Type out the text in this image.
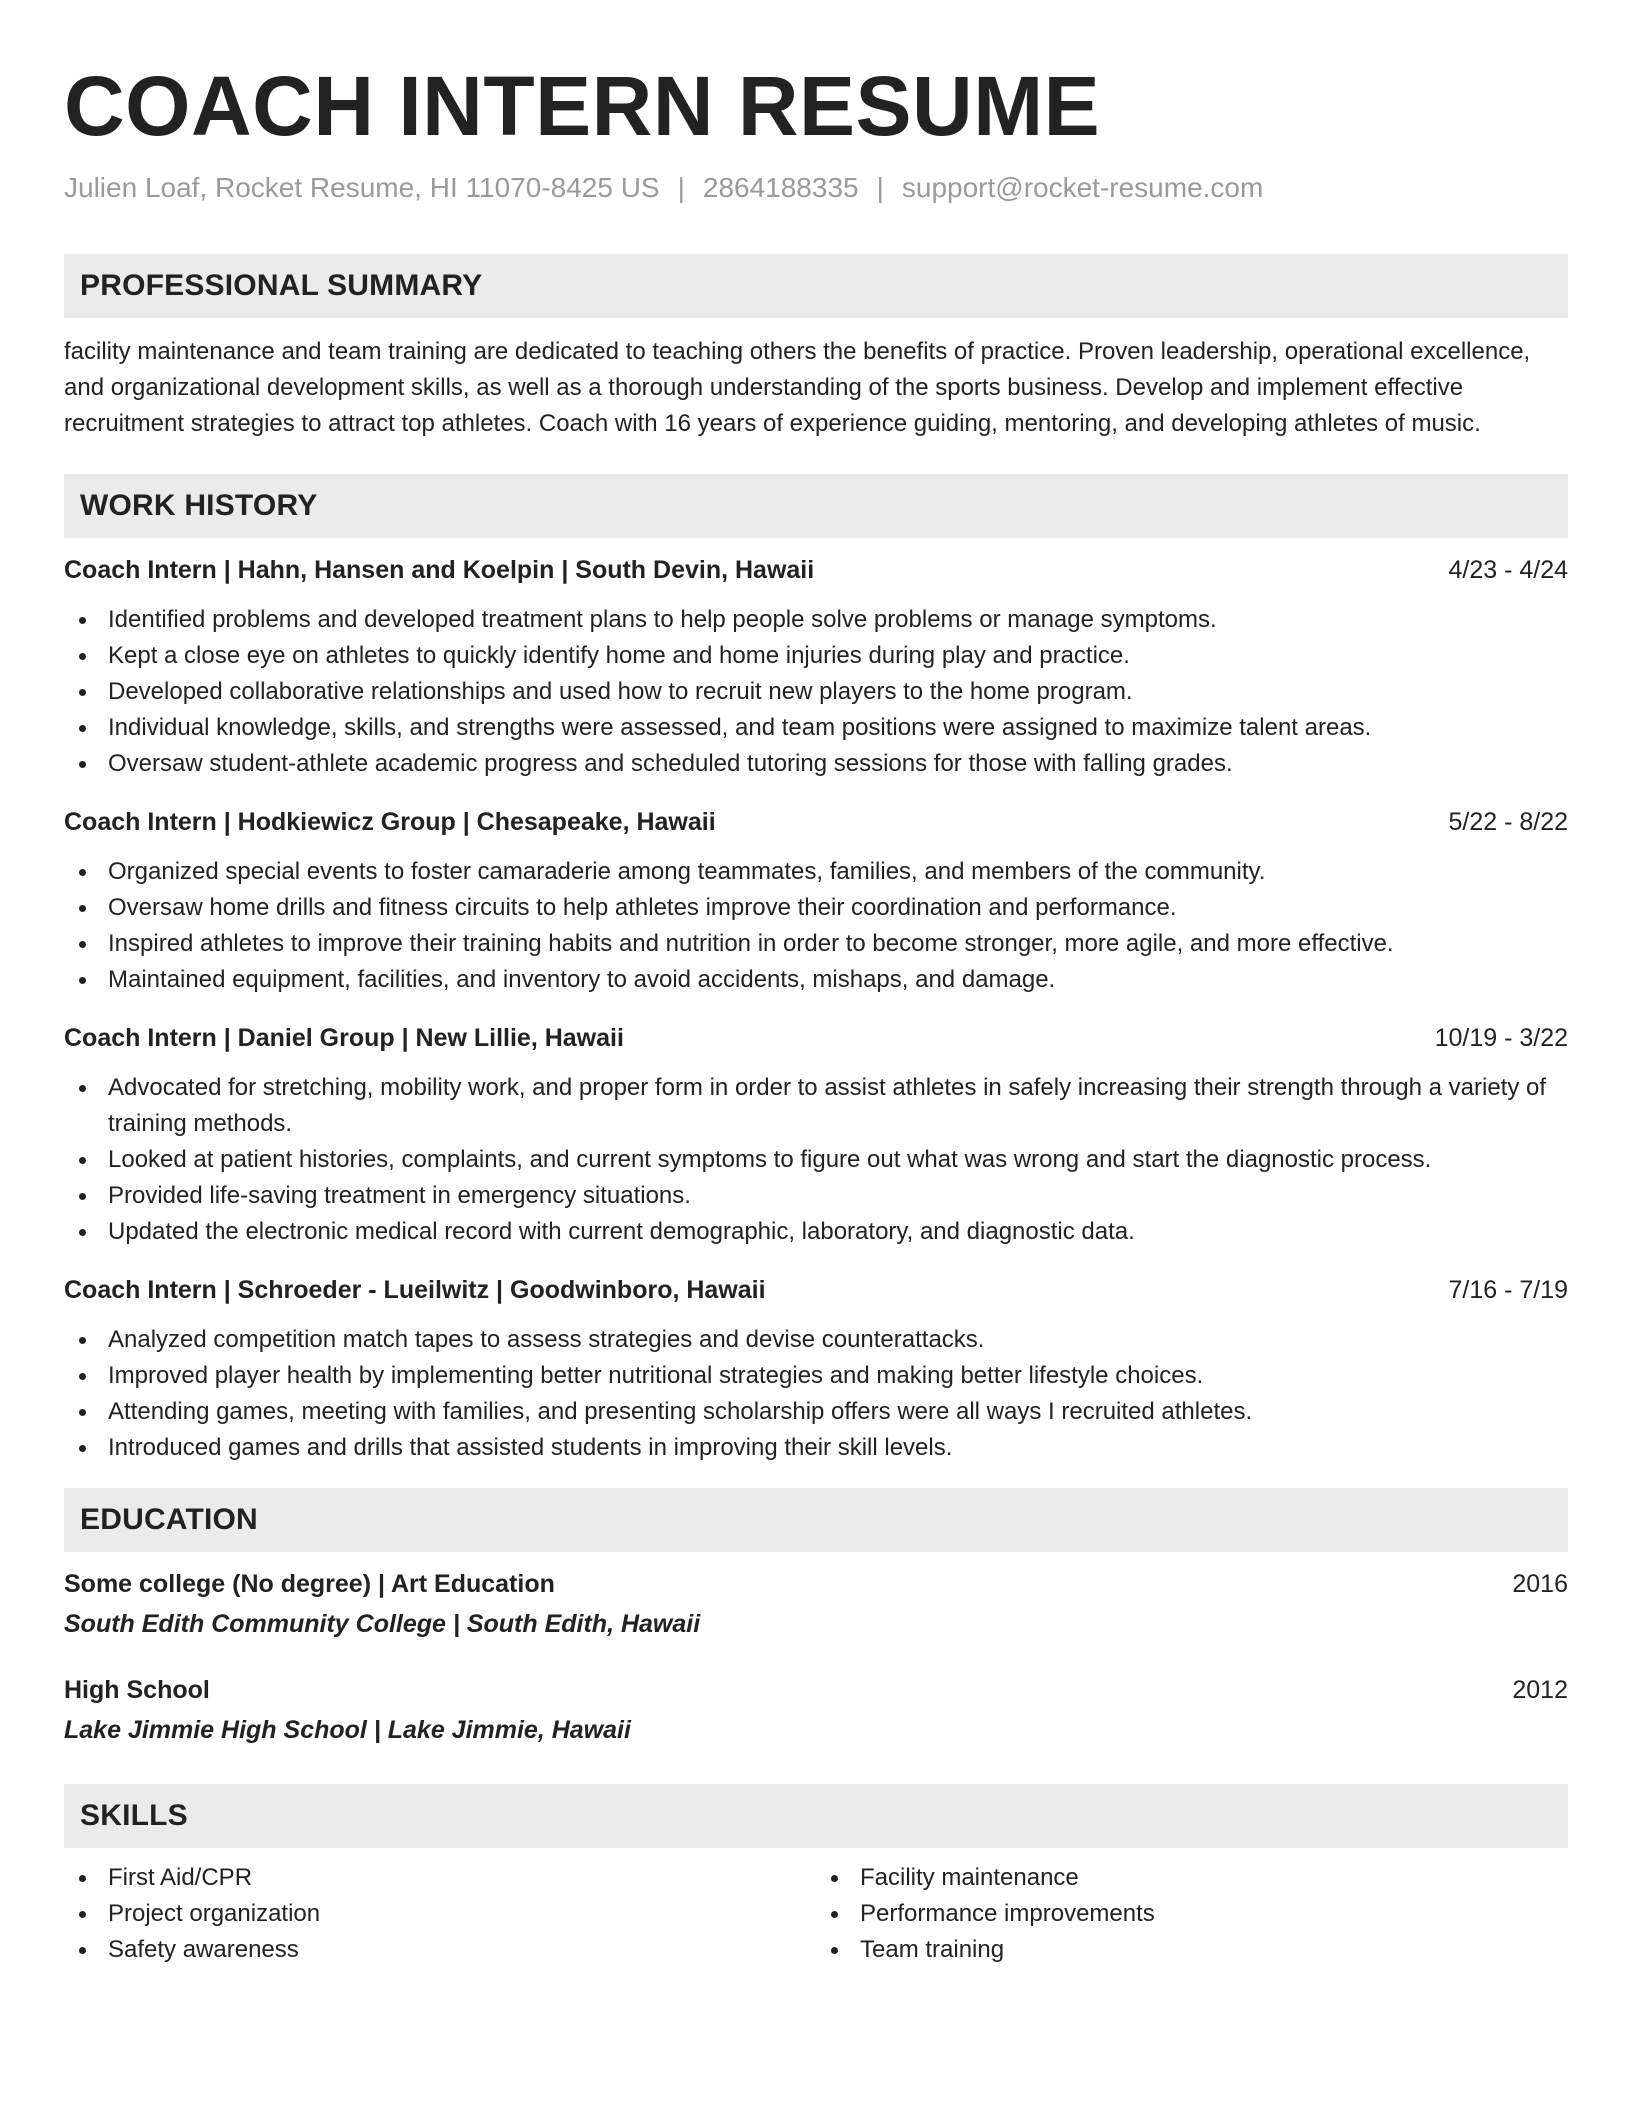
COACH INTERN RESUME
Julien Loaf, Rocket Resume, HI 11070-8425 US | 2864188335 | support@rocket-resume.com
PROFESSIONAL SUMMARY

facility maintenance and team training are dedicated to teaching others the benefits of practice. Proven leadership, operational excellence, and organizational development skills, as well as a thorough understanding of the sports business. Develop and implement effective recruitment strategies to attract top athletes. Coach with 16 years of experience guiding, mentoring, and developing athletes of music.

WORK HISTORY
Coach Intern | Hahn, Hansen and Koelpin | South Devin, Hawaii	4/23 - 4/24
Identified problems and developed treatment plans to help people solve problems or manage symptoms.
Kept a close eye on athletes to quickly identify home and home injuries during play and practice.
Developed collaborative relationships and used how to recruit new players to the home program.
Individual knowledge, skills, and strengths were assessed, and team positions were assigned to maximize talent areas.
Oversaw student-athlete academic progress and scheduled tutoring sessions for those with falling grades.
Coach Intern | Hodkiewicz Group | Chesapeake, Hawaii	5/22 - 8/22
Organized special events to foster camaraderie among teammates, families, and members of the community.
Oversaw home drills and fitness circuits to help athletes improve their coordination and performance.
Inspired athletes to improve their training habits and nutrition in order to become stronger, more agile, and more effective.
Maintained equipment, facilities, and inventory to avoid accidents, mishaps, and damage.
Coach Intern | Daniel Group | New Lillie, Hawaii	10/19 - 3/22
Advocated for stretching, mobility work, and proper form in order to assist athletes in safely increasing their strength through a variety of training methods.
Looked at patient histories, complaints, and current symptoms to figure out what was wrong and start the diagnostic process.
Provided life-saving treatment in emergency situations.
Updated the electronic medical record with current demographic, laboratory, and diagnostic data.
Coach Intern | Schroeder - Lueilwitz | Goodwinboro, Hawaii	7/16 - 7/19
Analyzed competition match tapes to assess strategies and devise counterattacks.
Improved player health by implementing better nutritional strategies and making better lifestyle choices.
Attending games, meeting with families, and presenting scholarship offers were all ways I recruited athletes.
Introduced games and drills that assisted students in improving their skill levels.
EDUCATION
Some college (No degree) | Art Education	2016
South Edith Community College | South Edith, Hawaii
High School	2012
Lake Jimmie High School | Lake Jimmie, Hawaii
SKILLS
First Aid/CPR
Project organization
Safety awareness
Facility maintenance
Performance improvements
Team training
